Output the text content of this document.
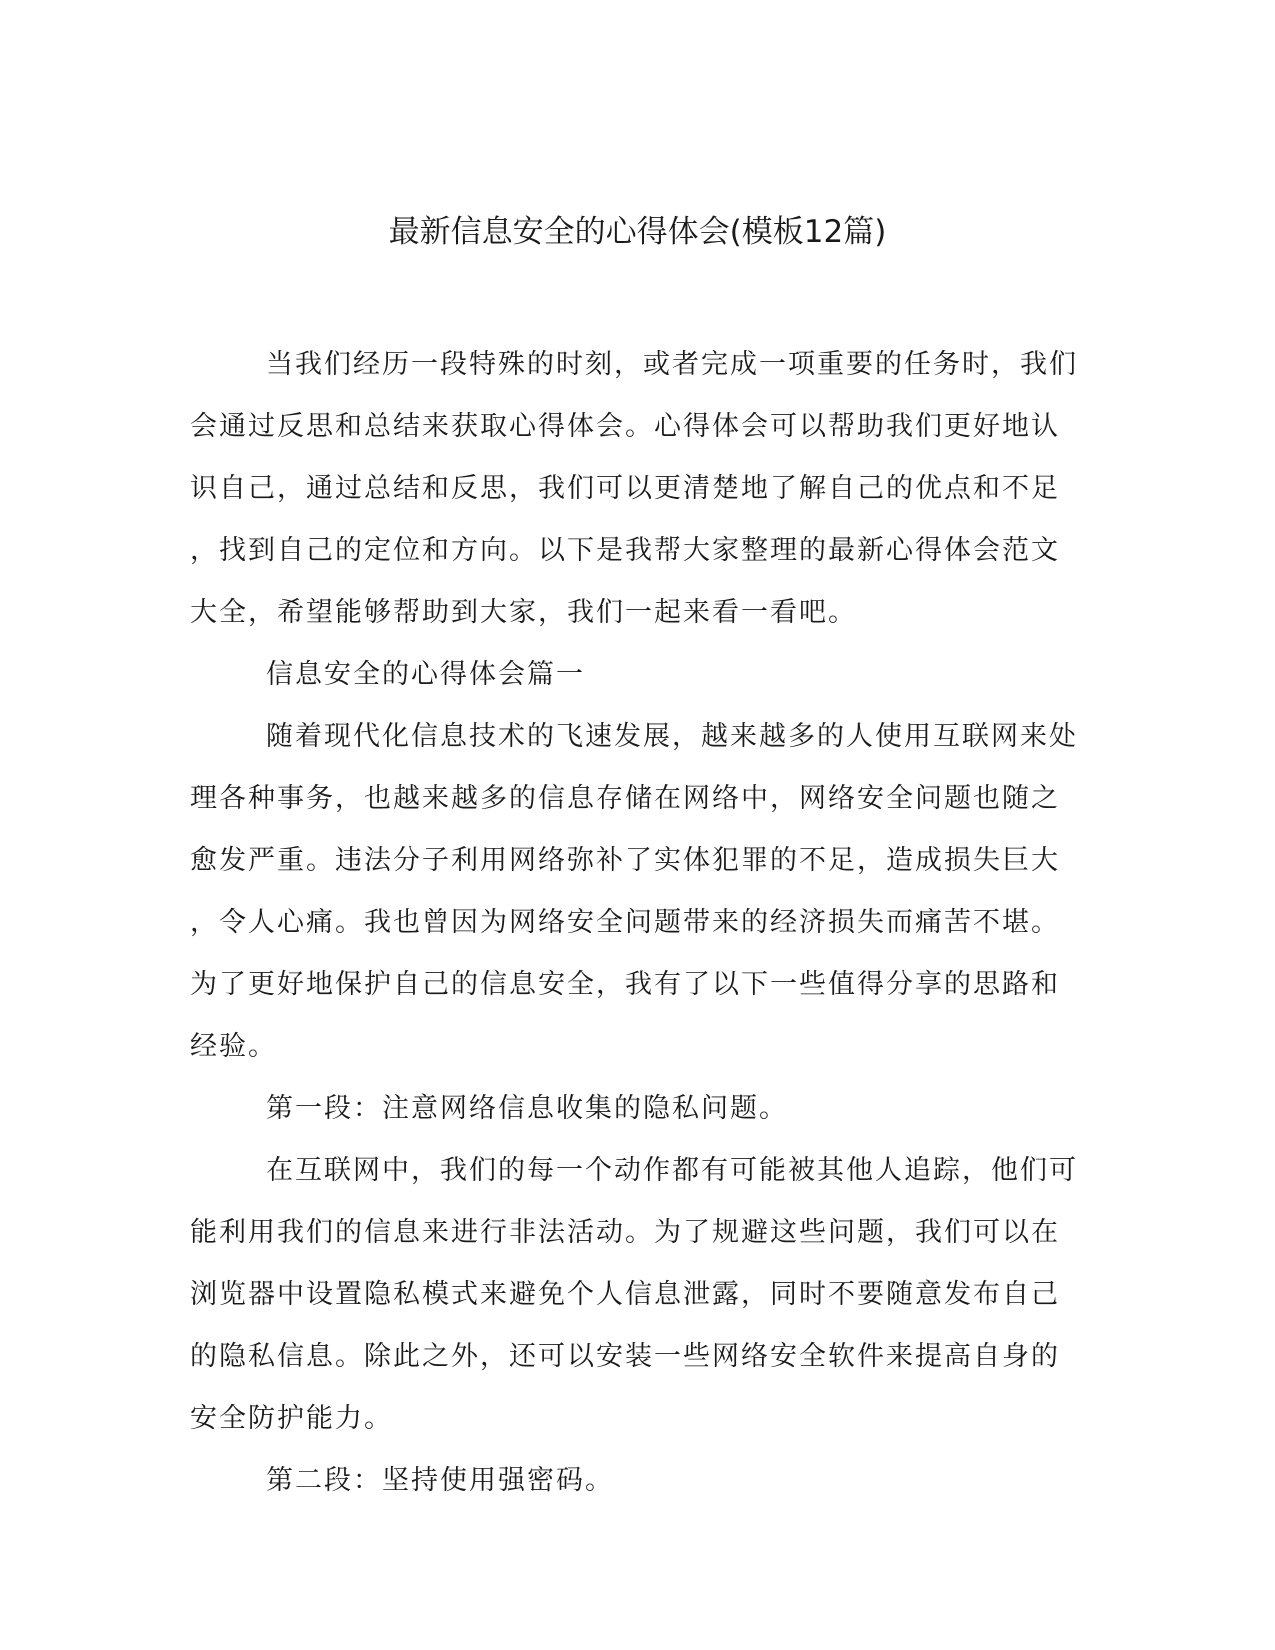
最新信息安全的心得体会(模板12篇)
当我们经历一段特殊的时刻，或者完成一项重要的任务时，我们
会通过反思和总结来获取心得体会。心得体会可以帮助我们更好地认
识自己，通过总结和反思，我们可以更清楚地了解自己的优点和不足
，找到自己的定位和方向。以下是我帮大家整理的最新心得体会范文
大全，希望能够帮助到大家，我们一起来看一看吧。
信息安全的心得体会篇一
随着现代化信息技术的飞速发展，越来越多的人使用互联网来处
理各种事务，也越来越多的信息存储在网络中，网络安全问题也随之
愈发严重。违法分子利用网络弥补了实体犯罪的不足，造成损失巨大
，令人心痛。我也曾因为网络安全问题带来的经济损失而痛苦不堪。
为了更好地保护自己的信息安全，我有了以下一些值得分享的思路和
经验。
第一段：注意网络信息收集的隐私问题。
在互联网中，我们的每一个动作都有可能被其他人追踪，他们可
能利用我们的信息来进行非法活动。为了规避这些问题，我们可以在
浏览器中设置隐私模式来避免个人信息泄露，同时不要随意发布自己
的隐私信息。除此之外，还可以安装一些网络安全软件来提高自身的
安全防护能力。
第二段：坚持使用强密码。
